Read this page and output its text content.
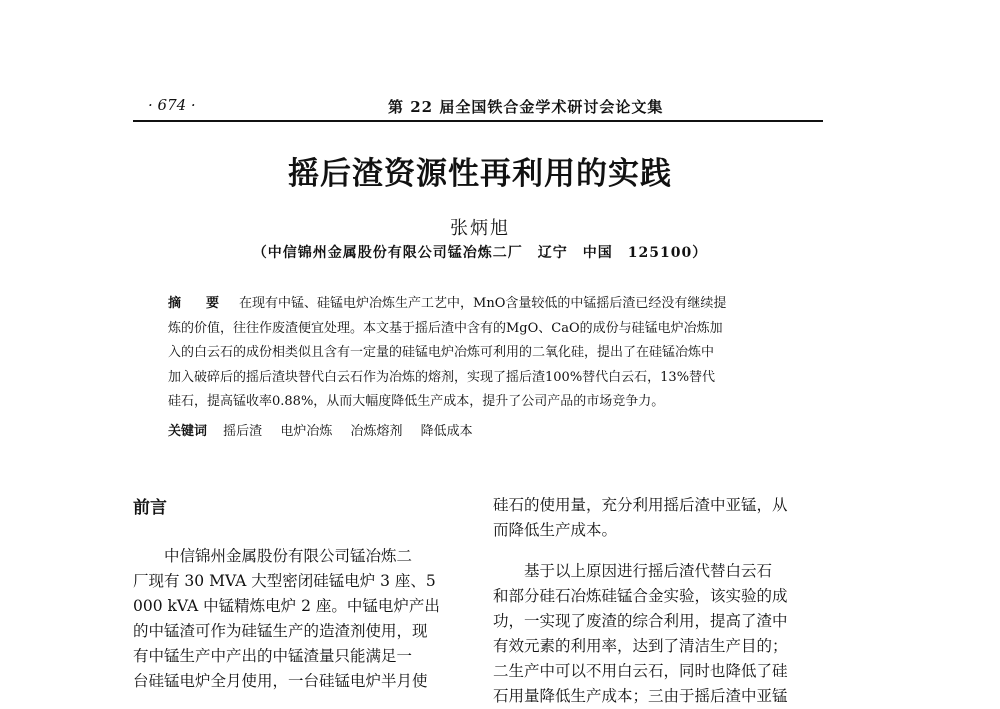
· 674 ·	第 22 届全国铁合金学术研讨会论文集
摇后渣资源性再利用的实践
张炳旭
（中信锦州金属股份有限公司锰冶炼二厂　辽宁　中国　125100）
摘　要 在现有中锰、硅锰电炉冶炼生产工艺中，MnO含量较低的中锰摇后渣已经没有继续提
炼的价值，往往作废渣便宜处理。本文基于摇后渣中含有的MgO、CaO的成份与硅锰电炉冶炼加
入的白云石的成份相类似且含有一定量的硅锰电炉冶炼可利用的二氧化硅，提出了在硅锰冶炼中
加入破碎后的摇后渣块替代白云石作为冶炼的熔剂，实现了摇后渣100%替代白云石，13%替代
硅石，提高锰收率0.88%，从而大幅度降低生产成本，提升了公司产品的市场竞争力。
关键词 摇后渣 电炉冶炼 冶炼熔剂 降低成本
前言
　　中信锦州金属股份有限公司锰冶炼二
厂现有 30 MVA 大型密闭硅锰电炉 3 座、5
000 kVA 中锰精炼电炉 2 座。中锰电炉产出
的中锰渣可作为硅锰生产的造渣剂使用，现
有中锰生产中产出的中锰渣量只能满足一
台硅锰电炉全月使用，一台硅锰电炉半月使
硅石的使用量，充分利用摇后渣中亚锰，从
而降低生产成本。
　　基于以上原因进行摇后渣代替白云石
和部分硅石冶炼硅锰合金实验，该实验的成
功，一实现了废渣的综合利用，提高了渣中
有效元素的利用率，达到了清洁生产目的；
二生产中可以不用白云石，同时也降低了硅
石用量降低生产成本；三由于摇后渣中亚锰
